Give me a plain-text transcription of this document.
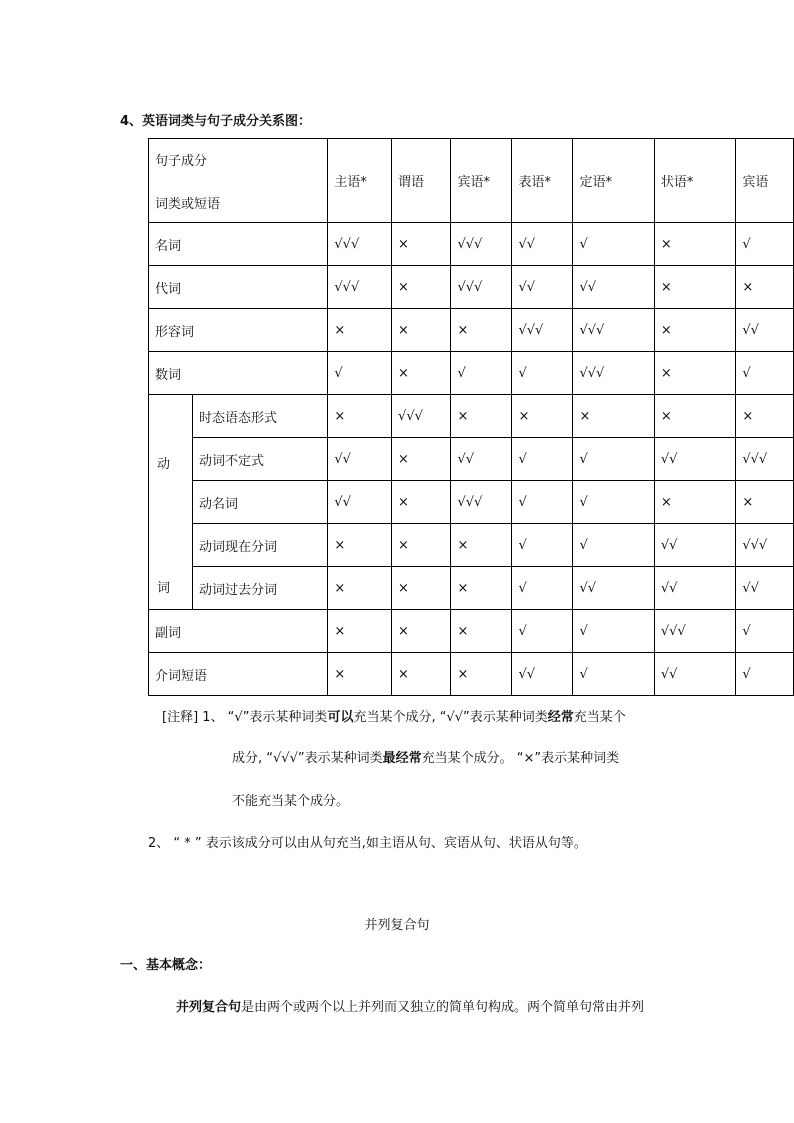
4、英语词类与句子成分关系图：
句子成分
词类或短语		主语*	谓语	宾语*	表语*	定语*	状语*	宾语
名词		√√√	×	√√√	√√	√	×	√
代词		√√√	×	√√√	√√	√√	×	×
形容词		×	×	×	√√√	√√√	×	√√
数词		√	×	√	√	√√√	×	√

动
词	时态语态形式	×	√√√	×	×	×	×	×
	动词不定式	√√	×	√√	√	√	√√	√√√
	动名词	√√	×	√√√	√	√	×	×
	动词现在分词	×	×	×	√	√	√√	√√√
	动词过去分词	×	×	×	√	√√	√√	√√
副词		×	×	×	√	√	√√√	√
介词短语		×	×	×	√√	√	√√	√
[注释] 1、 “√”表示某种词类可以充当某个成分, “√√”表示某种词类经常充当某个
成分, “√√√”表示某种词类最经常充当某个成分。 “×”表示某种词类
不能充当某个成分。
2、 “ * ” 表示该成分可以由从句充当,如主语从句、宾语从句、状语从句等。
并列复合句
一、基本概念：
并列复合句是由两个或两个以上并列而又独立的简单句构成。两个简单句常由并列
